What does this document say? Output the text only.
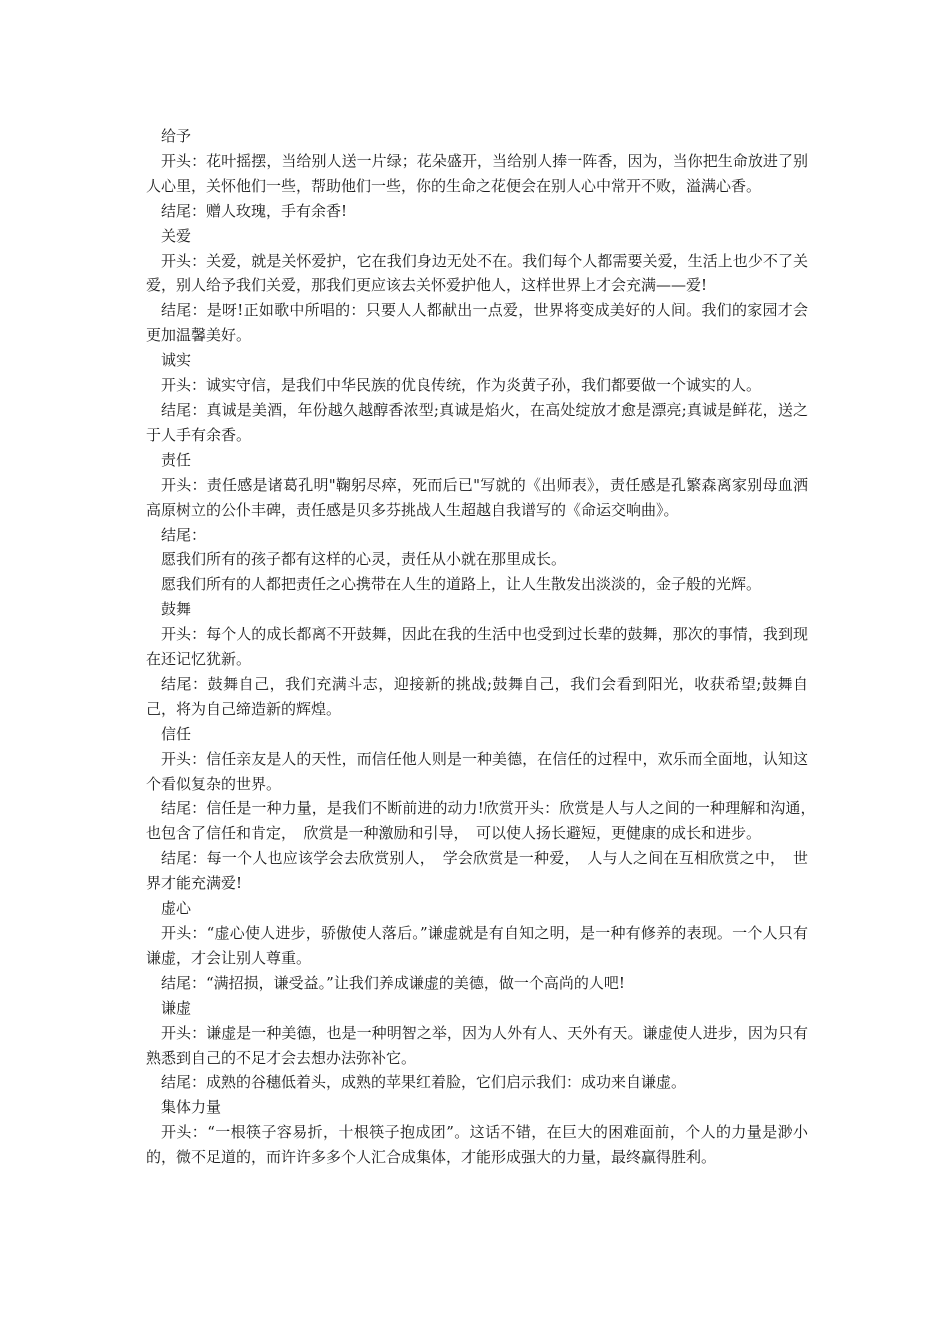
给予

开头：花叶摇摆，当给别人送一片绿；花朵盛开，当给别人捧一阵香，因为，当你把生命放进了别人心里，关怀他们一些，帮助他们一些，你的生命之花便会在别人心中常开不败，溢满心香。

结尾：赠人玫瑰，手有余香!

关爱

开头：关爱，就是关怀爱护，它在我们身边无处不在。我们每个人都需要关爱，生活上也少不了关爱，别人给予我们关爱，那我们更应该去关怀爱护他人，这样世界上才会充满——爱!

结尾：是呀!正如歌中所唱的：只要人人都献出一点爱，世界将变成美好的人间。我们的家园才会更加温馨美好。

诚实

开头：诚实守信，是我们中华民族的优良传统，作为炎黄子孙，我们都要做一个诚实的人。

结尾：真诚是美酒，年份越久越醇香浓型;真诚是焰火，在高处绽放才愈是漂亮;真诚是鲜花，送之于人手有余香。

责任

开头：责任感是诸葛孔明"鞠躬尽瘁，死而后已"写就的《出师表》，责任感是孔繁森离家别母血洒高原树立的公仆丰碑，责任感是贝多芬挑战人生超越自我谱写的《命运交响曲》。

结尾：

愿我们所有的孩子都有这样的心灵，责任从小就在那里成长。

愿我们所有的人都把责任之心携带在人生的道路上，让人生散发出淡淡的，金子般的光辉。

鼓舞

开头：每个人的成长都离不开鼓舞，因此在我的生活中也受到过长辈的鼓舞，那次的事情，我到现在还记忆犹新。

结尾：鼓舞自己，我们充满斗志，迎接新的挑战;鼓舞自己，我们会看到阳光，收获希望;鼓舞自己，将为自己缔造新的辉煌。

信任

开头：信任亲友是人的天性，而信任他人则是一种美德，在信任的过程中，欢乐而全面地，认知这个看似复杂的世界。

结尾：信任是一种力量，是我们不断前进的动力!欣赏开头：欣赏是人与人之间的一种理解和沟通，　也包含了信任和肯定，　欣赏是一种激励和引导，　可以使人扬长避短，更健康的成长和进步。

结尾：每一个人也应该学会去欣赏别人，　学会欣赏是一种爱，　人与人之间在互相欣赏之中，　世界才能充满爱!

虚心

开头：“虚心使人进步，骄傲使人落后。”谦虚就是有自知之明，是一种有修养的表现。一个人只有谦虚，才会让别人尊重。

结尾：“满招损，谦受益。”让我们养成谦虚的美德，做一个高尚的人吧!

谦虚

开头：谦虚是一种美德，也是一种明智之举，因为人外有人、天外有天。谦虚使人进步，因为只有熟悉到自己的不足才会去想办法弥补它。

结尾：成熟的谷穗低着头，成熟的苹果红着脸，它们启示我们：成功来自谦虚。

集体力量

开头：“一根筷子容易折，十根筷子抱成团”。这话不错，在巨大的困难面前，个人的力量是渺小的，微不足道的，而许许多多个人汇合成集体，才能形成强大的力量，最终赢得胜利。
